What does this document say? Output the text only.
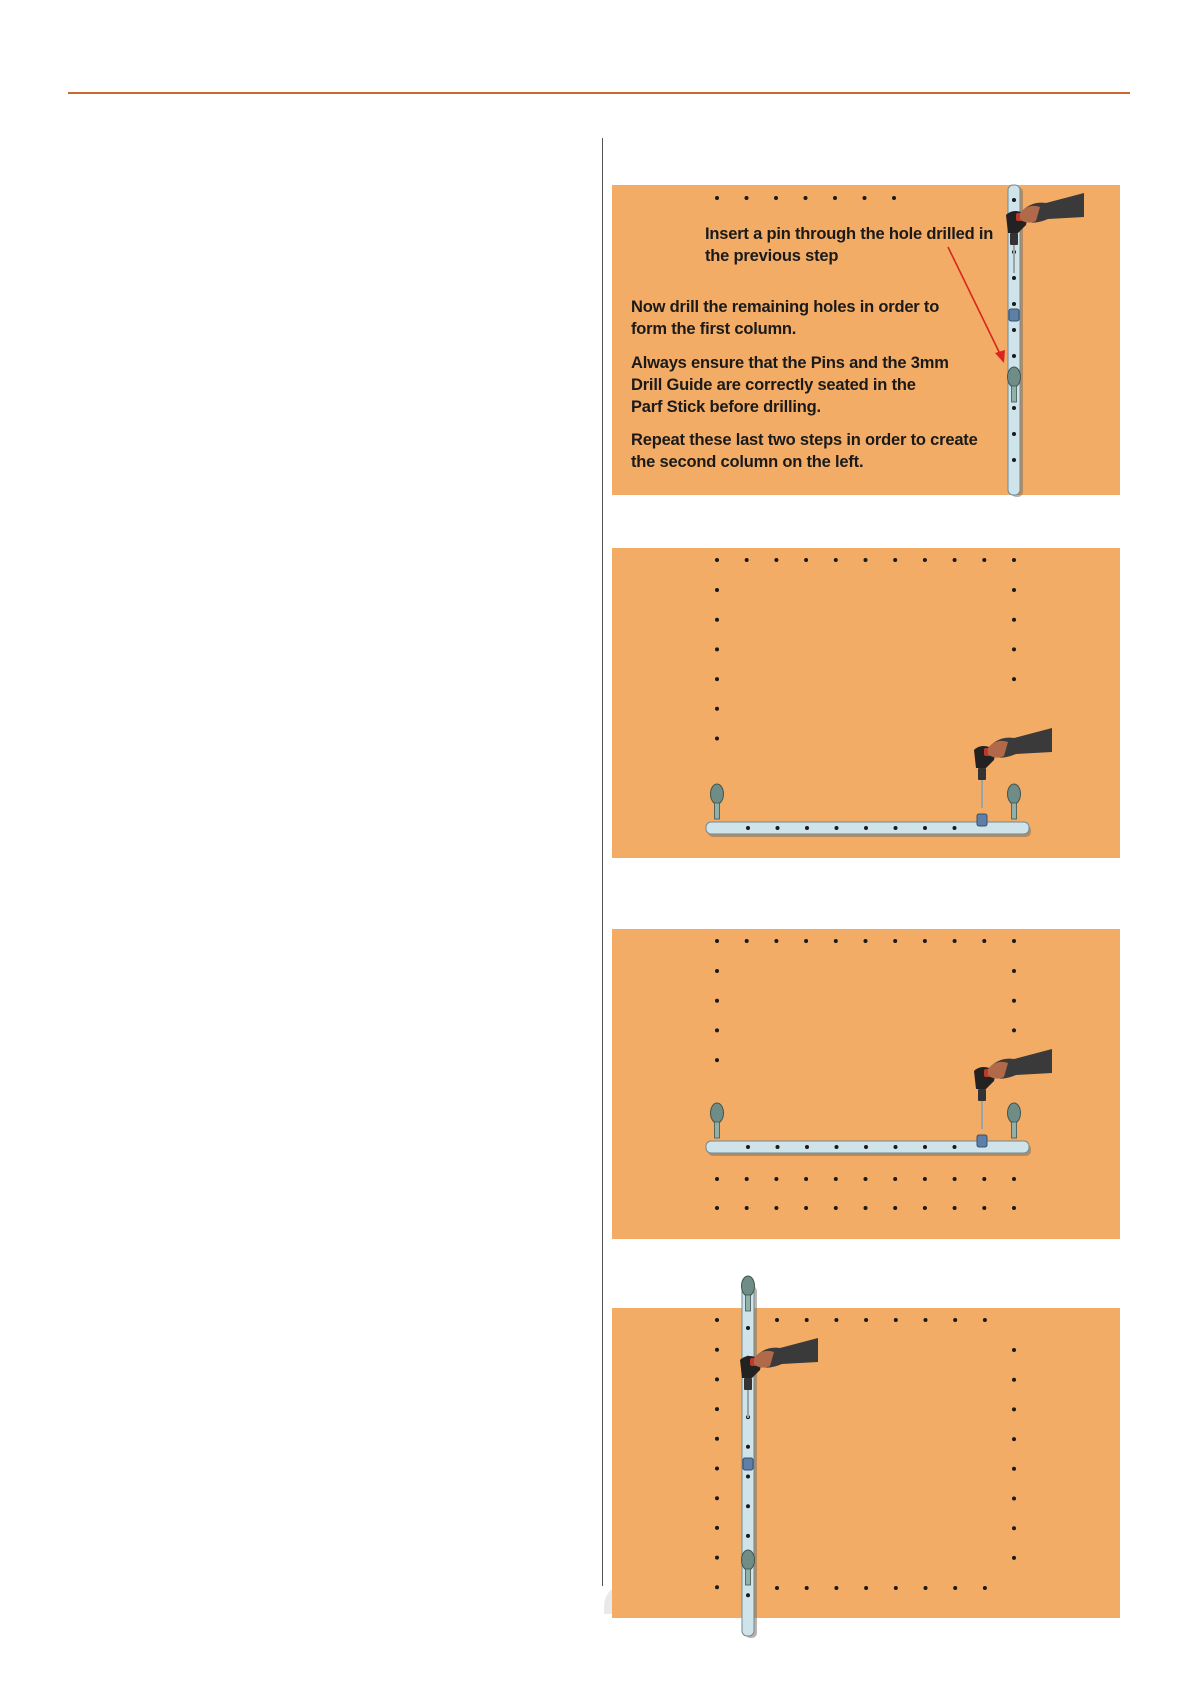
Insert a pin through the hole drilled in the previous step

Now drill the remaining holes in order to form the first column.

Always ensure that the Pins and the 3mm Drill Guide are correctly seated in the Parf Stick before drilling.

Repeat these last two steps in order to create the second column on the left.
